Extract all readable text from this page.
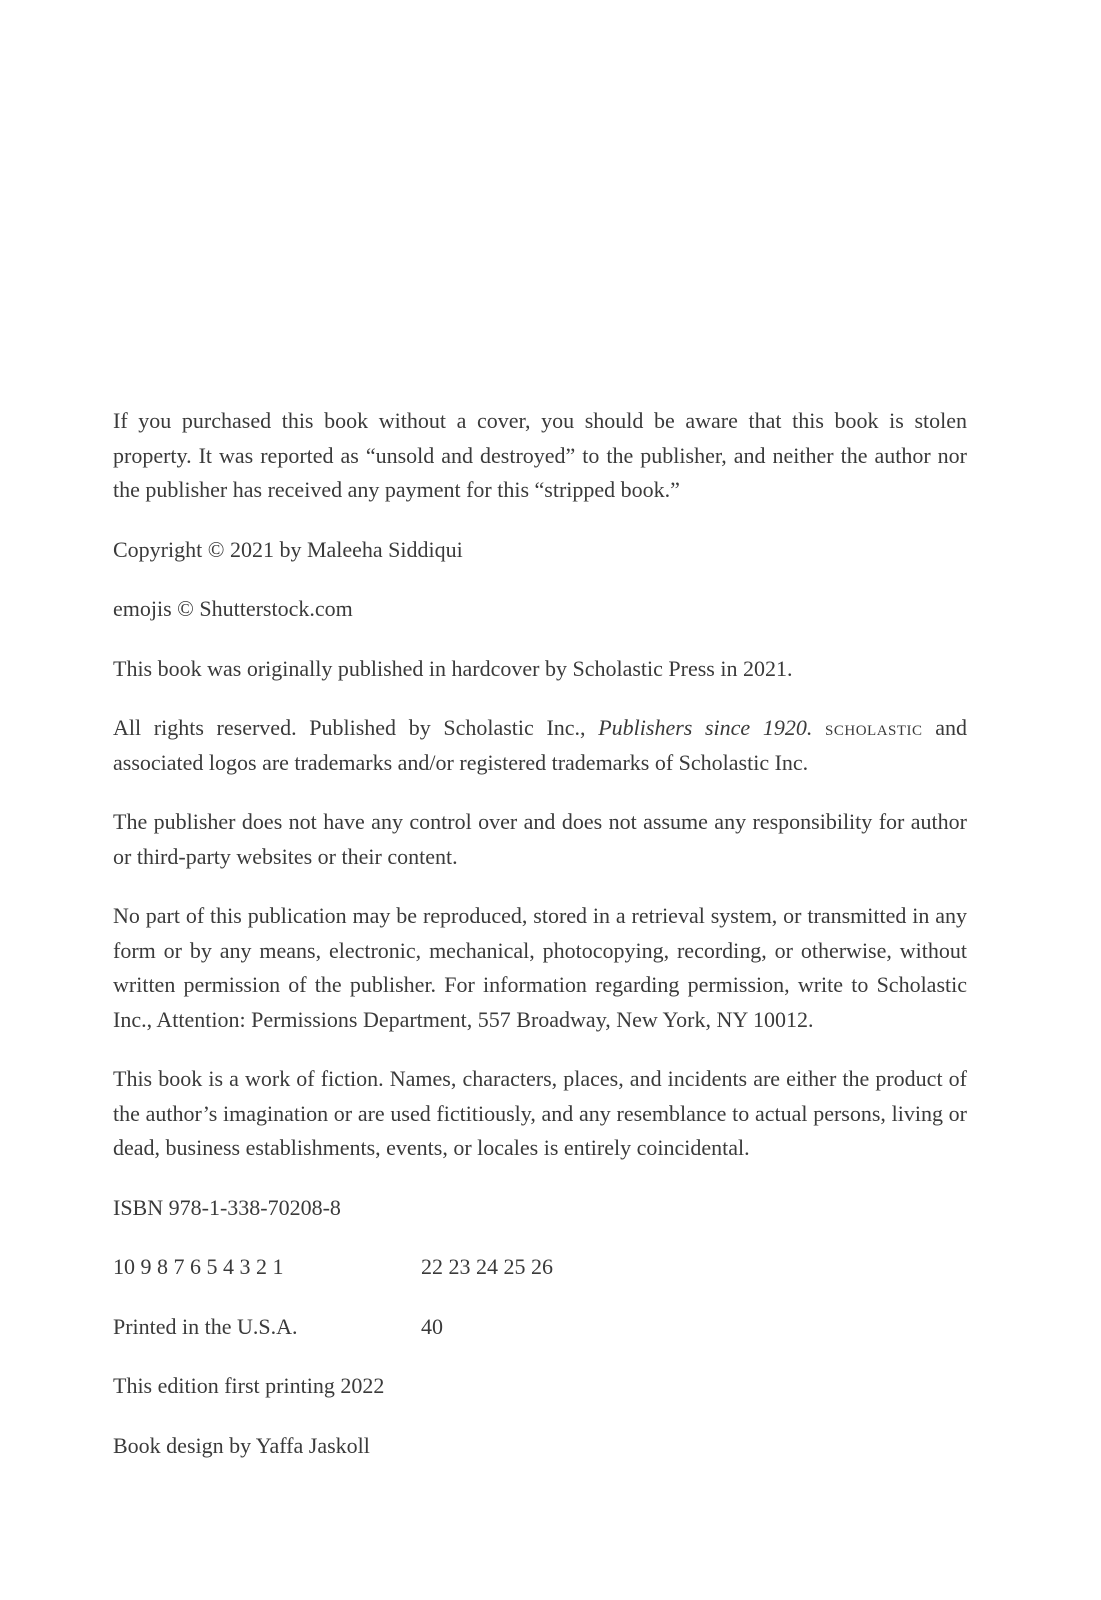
If you purchased this book without a cover, you should be aware that this book is stolen property. It was reported as “unsold and destroyed” to the publisher, and neither the author nor the publisher has received any payment for this “stripped book.”

Copyright © 2021 by Maleeha Siddiqui

emojis © Shutterstock.com

This book was originally published in hardcover by Scholastic Press in 2021.

All rights reserved. Published by Scholastic Inc., Publishers since 1920. scholastic and associated logos are trademarks and/or registered trademarks of Scholastic Inc.

The publisher does not have any control over and does not assume any responsibility for author or third-party websites or their content.

No part of this publication may be reproduced, stored in a retrieval system, or transmitted in any form or by any means, electronic, mechanical, photocopying, recording, or otherwise, without written permission of the publisher. For information regarding permission, write to Scholastic Inc., Attention: Permissions Department, 557 Broadway, New York, NY 10012.

This book is a work of fiction. Names, characters, places, and incidents are either the product of the author’s imagination or are used fictitiously, and any resemblance to actual persons, living or dead, business establishments, events, or locales is entirely coincidental.

ISBN 978-1-338-70208-8

10 9 8 7 6 5 4 3 2 1	22 23 24 25 26
Printed in the U.S.A.	40

This edition first printing 2022

Book design by Yaffa Jaskoll
